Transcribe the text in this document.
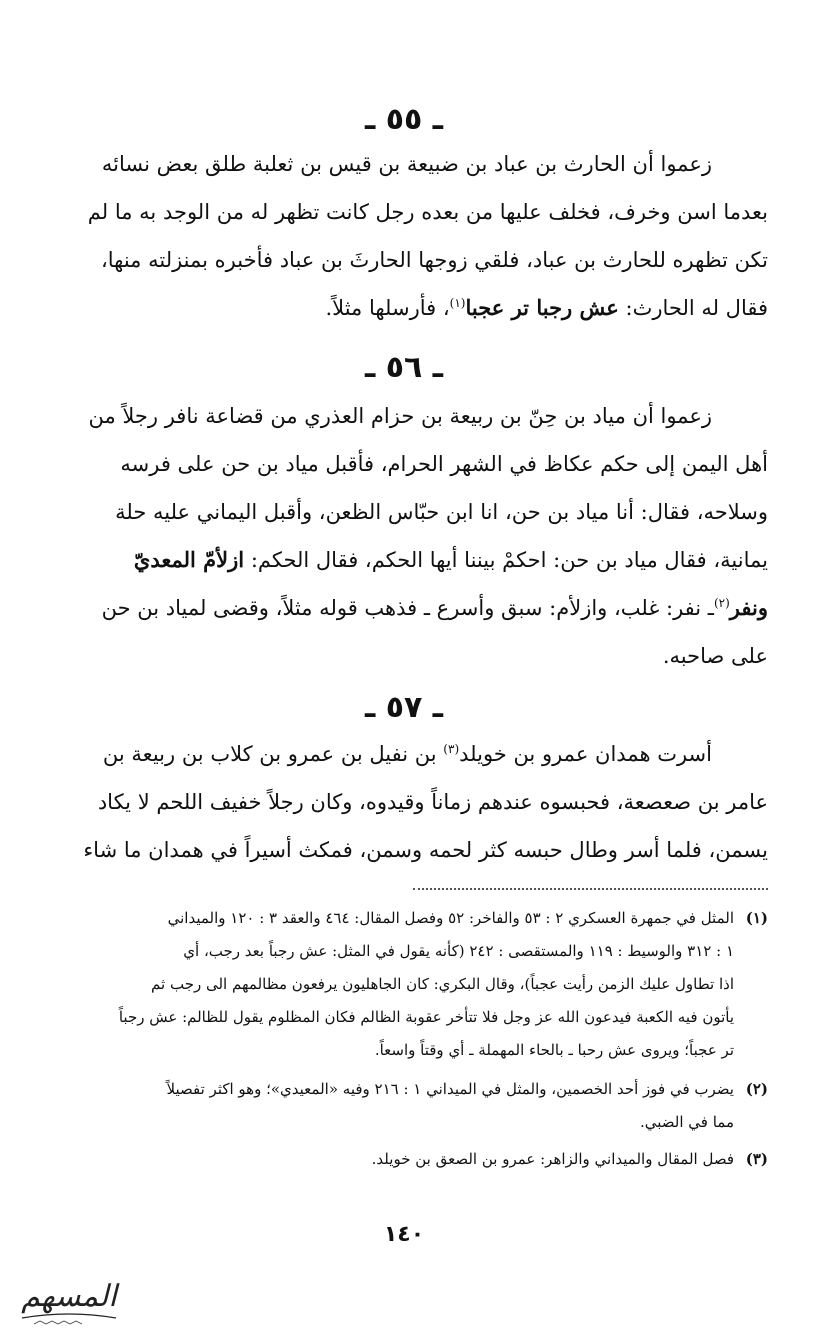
ـ ٥٥ ـ

زعموا أن الحارث بن عباد بن ضبيعة بن قيس بن ثعلبة طلق بعض نسائه

بعدما اسن وخرف، فخلف عليها من بعده رجل كانت تظهر له من الوجد به ما لم

تكن تظهره للحارث بن عباد، فلقي زوجها الحارثَ بن عباد فأخبره بمنزلته منها،

فقال له الحارث: عش رجبا تر عجبا$^{(١)}$، فأرسلها مثلاً.

ـ ٥٦ ـ

زعموا أن مياد بن حِنّ بن ربيعة بن حزام العذري من قضاعة نافر رجلاً من

أهل اليمن إلى حكم عكاظ في الشهر الحرام، فأقبل مياد بن حن على فرسه

وسلاحه، فقال: أنا مياد بن حن، انا ابن حبّاس الظعن، وأقبل اليماني عليه حلة

يمانية، فقال مياد بن حن: احكمْ بيننا أيها الحكم، فقال الحكم: ازلأمّ المعديّ

ونفر$^{(٢)}$ـ نفر: غلب، وازلأم: سبق وأسرع ـ فذهب قوله مثلاً، وقضى لمياد بن حن

على صاحبه.

ـ ٥٧ ـ

أسرت همدان عمرو بن خويلد$^{(٣)}$ بن نفيل بن عمرو بن كلاب بن ربيعة بن

عامر بن صعصعة، فحبسوه عندهم زماناً وقيدوه، وكان رجلاً خفيف اللحم لا يكاد

يسمن، فلما أسر وطال حبسه كثر لحمه وسمن، فمكث أسيراً في همدان ما شاء

(١)
المثل في جمهرة العسكري ٢ : ٥٣ والفاخر: ٥٢ وفصل المقال: ٤٦٤ والعقد ٣ : ١٢٠ والميداني
١ : ٣١٢ والوسيط : ١١٩ والمستقصى : ٢٤٢ (كأنه يقول في المثل: عش رجباً بعد رجب، أي
اذا تطاول عليك الزمن رأيت عجباً)، وقال البكري: كان الجاهليون يرفعون مظالمهم الى رجب ثم
يأتون فيه الكعبة فيدعون الله عز وجل فلا تتأخر عقوبة الظالم فكان المظلوم يقول للظالم: عش رجباً
تر عجباً؛ ويروى عش رحبا ـ بالحاء المهملة ـ أي وقتاً واسعاً.
(٢)
يضرب في فوز أحد الخصمين، والمثل في الميداني ١ : ٢١٦ وفيه «المعيدي»؛ وهو اكثر تفصيلاً
مما في الضبي.
(٣)
فصل المقال والميداني والزاهر: عمرو بن الصعق بن خويلد.
١٤٠
المسهم
